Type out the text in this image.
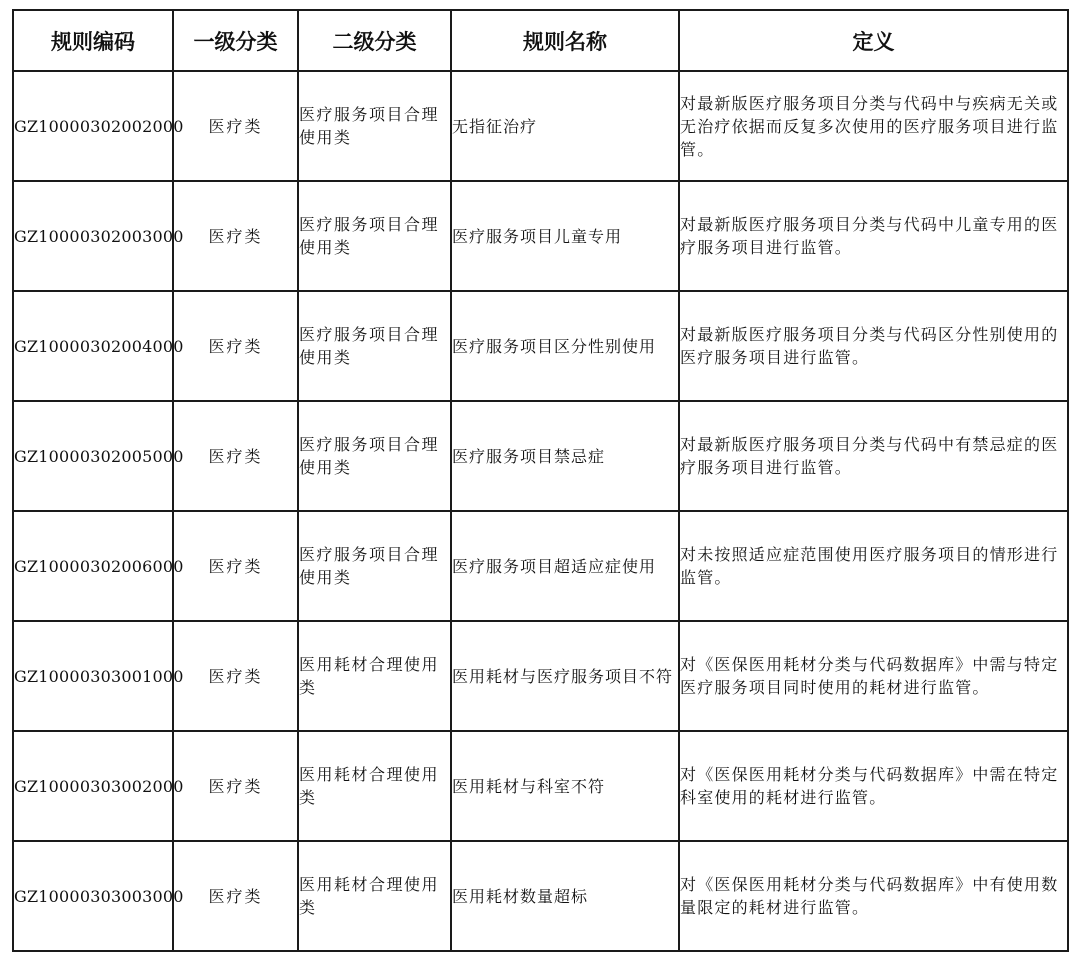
规则编码	一级分类	二级分类	规则名称	定义
GZ10000302002000	医疗类	医疗服务项目合理使用类	无指征治疗	对最新版医疗服务项目分类与代码中与疾病无关或无治疗依据而反复多次使用的医疗服务项目进行监管。
GZ10000302003000	医疗类	医疗服务项目合理使用类	医疗服务项目儿童专用	对最新版医疗服务项目分类与代码中儿童专用的医疗服务项目进行监管。
GZ10000302004000	医疗类	医疗服务项目合理使用类	医疗服务项目区分性别使用	对最新版医疗服务项目分类与代码区分性别使用的医疗服务项目进行监管。
GZ10000302005000	医疗类	医疗服务项目合理使用类	医疗服务项目禁忌症	对最新版医疗服务项目分类与代码中有禁忌症的医疗服务项目进行监管。
GZ10000302006000	医疗类	医疗服务项目合理使用类	医疗服务项目超适应症使用	对未按照适应症范围使用医疗服务项目的情形进行监管。
GZ10000303001000	医疗类	医用耗材合理使用类	医用耗材与医疗服务项目不符	对《医保医用耗材分类与代码数据库》中需与特定医疗服务项目同时使用的耗材进行监管。
GZ10000303002000	医疗类	医用耗材合理使用类	医用耗材与科室不符	对《医保医用耗材分类与代码数据库》中需在特定科室使用的耗材进行监管。
GZ10000303003000	医疗类	医用耗材合理使用类	医用耗材数量超标	对《医保医用耗材分类与代码数据库》中有使用数量限定的耗材进行监管。
